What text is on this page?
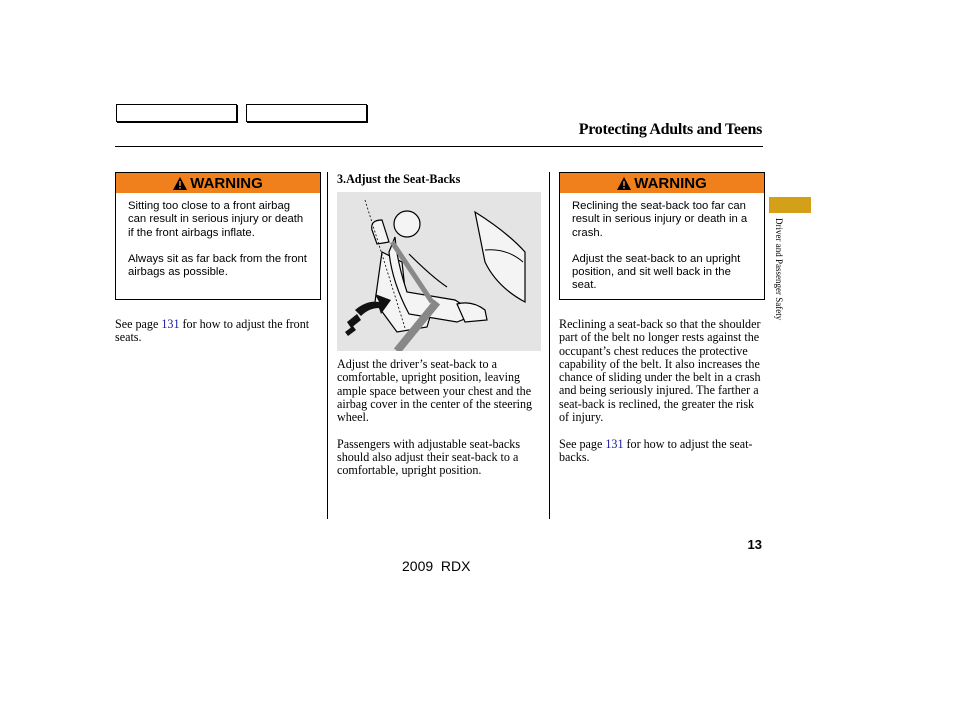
Protecting Adults and Teens
Driver and Passenger Safety
WARNING

Sitting too close to a front airbag can result in serious injury or death if the front airbags inflate.

Always sit as far back from the front airbags as possible.

See page 131 for how to adjust the front seats.
3.Adjust the Seat-Backs

Adjust the driver’s seat-back to a comfortable, upright position, leaving ample space between your chest and the airbag cover in the center of the steering wheel.

Passengers with adjustable seat-backs should also adjust their seat-back to a comfortable, upright position.

WARNING

Reclining the seat-back too far can result in serious injury or death in a crash.

Adjust the seat-back to an upright position, and sit well back in the seat.

Reclining a seat-back so that the shoulder part of the belt no longer rests against the occupant’s chest reduces the protective capability of the belt. It also increases the chance of sliding under the belt in a crash and being seriously injured. The farther a seat-back is reclined, the greater the risk of injury.

See page 131 for how to adjust the seat-backs.

13
2009  RDX
